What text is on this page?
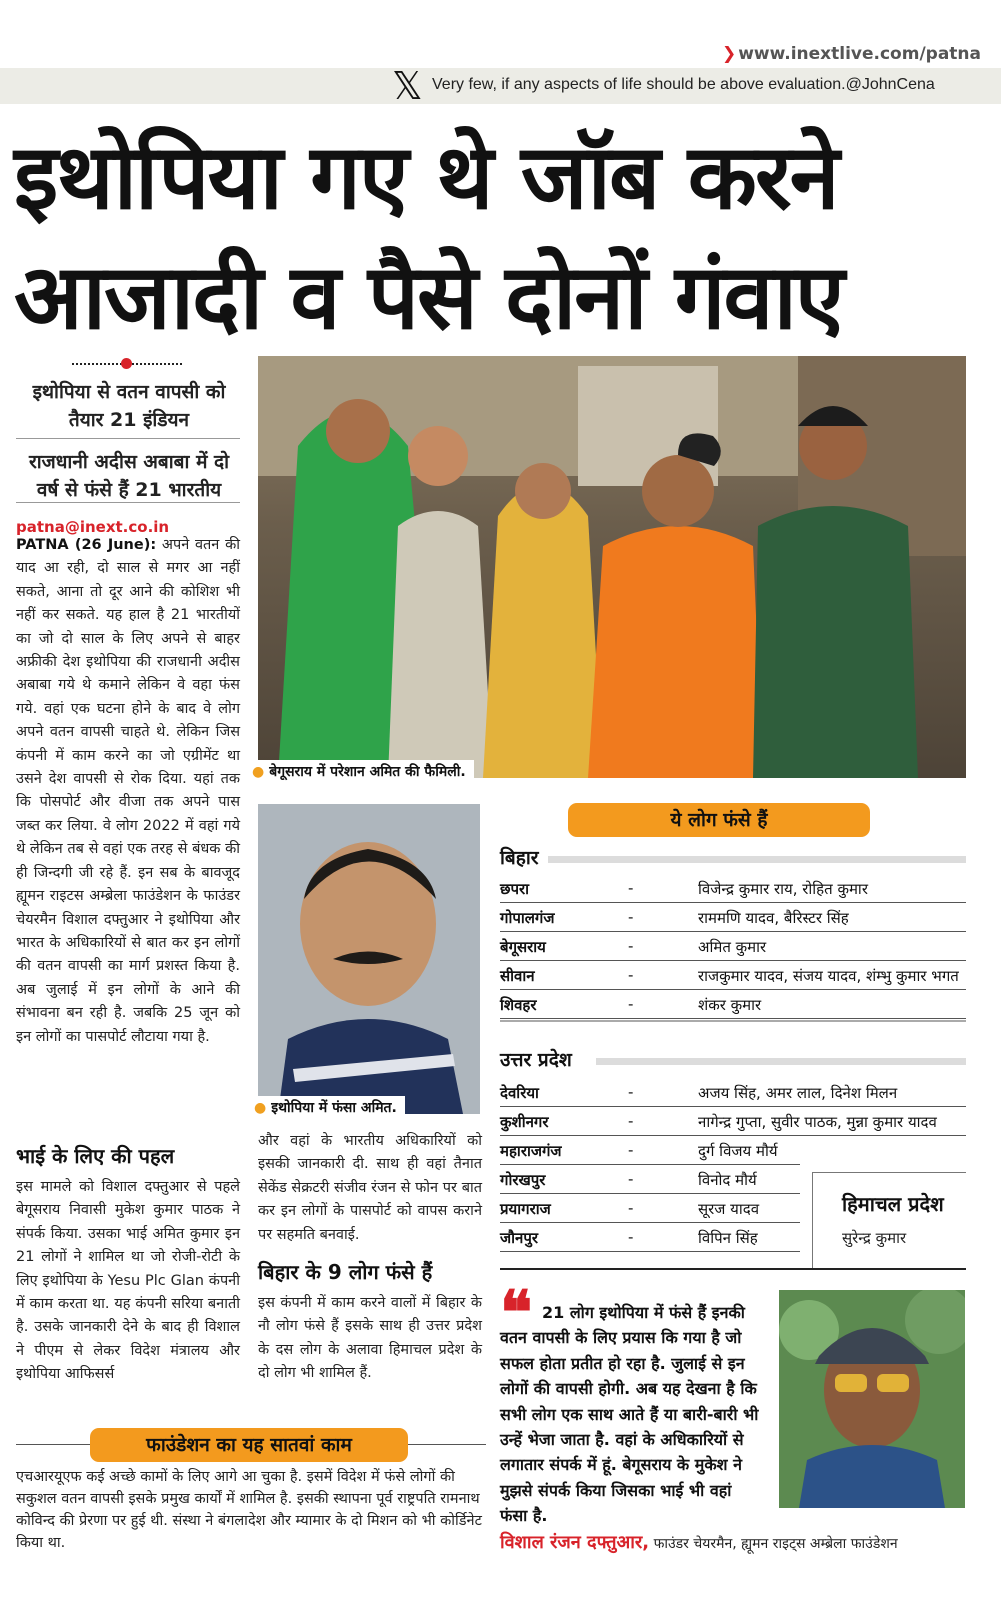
❯ www.inextlive.com/patna
𝕏 Very few, if any aspects of life should be above evaluation.@JohnCena
इथोपिया गए थे जॉब करने
आजादी व पैसे दोनों गंवाए
इथोपिया से वतन वापसी को तैयार 21 इंडियन
राजधानी अदीस अबाबा में दो वर्ष से फंसे हैं 21 भारतीय
patna@inext.co.in
PATNA (26 June): अपने वतन की याद आ रही, दो साल से मगर आ नहीं सकते, आना तो दूर आने की कोशिश भी नहीं कर सकते. यह हाल है 21 भारतीयों का जो दो साल के लिए अपने से बाहर अफ्रीकी देश इथोपिया की राजधानी अदीस अबाबा गये थे कमाने लेकिन वे वहा फंस गये. वहां एक घटना होने के बाद वे लोग अपने वतन वापसी चाहते थे. लेकिन जिस कंपनी में काम करने का जो एग्रीमेंट था उसने देश वापसी से रोक दिया. यहां तक कि पोसपोर्ट और वीजा तक अपने पास जब्त कर लिया. वे लोग 2022 में वहां गये थे लेकिन तब से वहां एक तरह से बंधक की ही जिन्दगी जी रहे हैं. इन सब के बावजूद ह्यूमन राइटस अम्ब्रेला फाउंडेशन के फाउंडर चेयरमैन विशाल दफ्तुआर ने इथोपिया और भारत के अधिकारियों से बात कर इन लोगों की वतन वापसी का मार्ग प्रशस्त किया है. अब जुलाई में इन लोगों के आने की संभावना बन रही है. जबकि 25 जून को इन लोगों का पासपोर्ट लौटाया गया है.
भाई के लिए की पहल
इस मामले को विशाल दफ्तुआर से पहले बेगूसराय निवासी मुकेश कुमार पाठक ने संपर्क किया. उसका भाई अमित कुमार इन 21 लोगों ने शामिल था जो रोजी-रोटी के लिए इथोपिया के Yesu Plc Glan कंपनी में काम करता था. यह कंपनी सरिया बनाती है. उसके जानकारी देने के बाद ही विशाल ने पीएम से लेकर विदेश मंत्रालय और इथोपिया आफिसर्स
● बेगूसराय में परेशान अमित की फैमिली.
● इथोपिया में फंसा अमित.
और वहां के भारतीय अधिकारियों को इसकी जानकारी दी. साथ ही वहां तैनात सेकेंड सेक्रटरी संजीव रंजन से फोन पर बात कर इन लोगों के पासपोर्ट को वापस कराने पर सहमति बनवाई.
बिहार के 9 लोग फंसे हैं
इस कंपनी में काम करने वालों में बिहार के नौ लोग फंसे हैं इसके साथ ही उत्तर प्रदेश के दस लोग के अलावा हिमाचल प्रदेश के दो लोग भी शामिल हैं.
ये लोग फंसे हैं
बिहार
छपरा	-	विजेन्द्र कुमार राय, रोहित कुमार
गोपालगंज	-	राममणि यादव, बैरिस्टर सिंह
बेगूसराय	-	अमित कुमार
सीवान	-	राजकुमार यादव, संजय यादव, शंम्भु कुमार भगत
शिवहर	-	शंकर कुमार
उत्तर प्रदेश
देवरिया	-	अजय सिंह, अमर लाल, दिनेश मिलन
कुशीनगर	-	नागेन्द्र गुप्ता, सुवीर पाठक, मुन्ना कुमार यादव
महाराजगंज	-	दुर्ग विजय मौर्य
गोरखपुर	-	विनोद मौर्य
प्रयागराज	-	सूरज यादव
जौनपुर	-	विपिन सिंह
हिमाचल प्रदेश
सुरेन्द्र कुमार
❝ 21 लोग इथोपिया में फंसे हैं इनकी वतन वापसी के लिए प्रयास कि गया है जो सफल होता प्रतीत हो रहा है. जुलाई से इन लोगों की वापसी होगी. अब यह देखना है कि सभी लोग एक साथ आते हैं या बारी-बारी भी उन्हें भेजा जाता है. वहां के अधिकारियों से लगातार संपर्क में हूं. बेगूसराय के मुकेश ने मुझसे संपर्क किया जिसका भाई भी वहां फंसा है.
विशाल रंजन दफ्तुआर, फाउंडर चेयरमैन, ह्यूमन राइट्स अम्ब्रेला फाउंडेशन
फाउंडेशन का यह सातवां काम
एचआरयूएफ कई अच्छे कामों के लिए आगे आ चुका है. इसमें विदेश में फंसे लोगों की सकुशल वतन वापसी इसके प्रमुख कार्यों में शामिल है. इसकी स्थापना पूर्व राष्ट्रपति रामनाथ कोविन्द की प्रेरणा पर हुई थी. संस्था ने बंगलादेश और म्यामार के दो मिशन को भी कोर्डिनेट किया था.
